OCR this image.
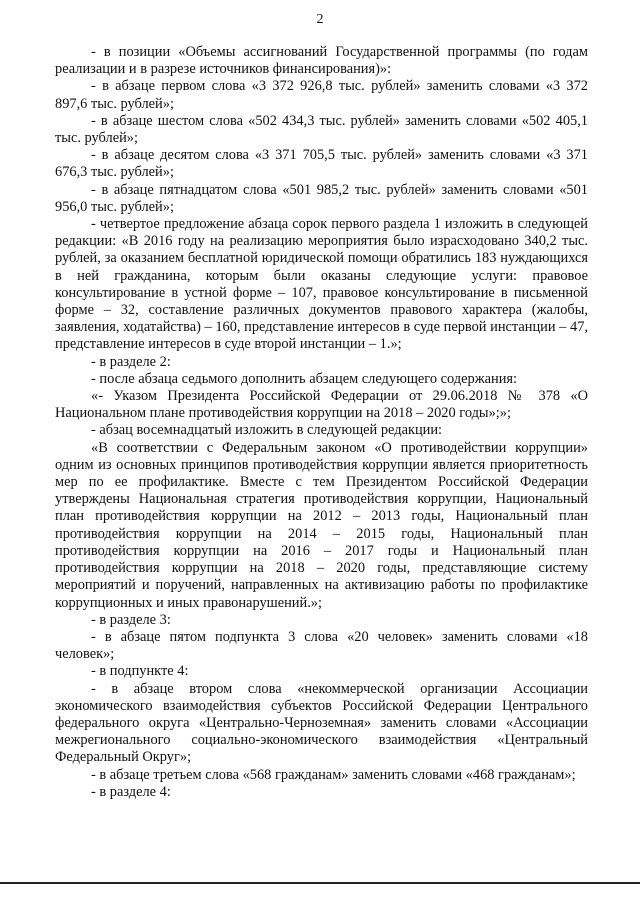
2

- в позиции «Объемы ассигнований Государственной программы (по годам реализации и в разрезе источников финансирования)»:

- в абзаце первом слова «3 372 926,8 тыс. рублей» заменить словами «3 372 897,6 тыс. рублей»;

- в абзаце шестом слова «502 434,3 тыс. рублей» заменить словами «502 405,1 тыс. рублей»;

- в абзаце десятом слова «3 371 705,5 тыс. рублей» заменить словами «3 371 676,3 тыс. рублей»;

- в абзаце пятнадцатом слова «501 985,2 тыс. рублей» заменить словами «501 956,0 тыс. рублей»;

- четвертое предложение абзаца сорок первого раздела 1 изложить в следующей редакции: «В 2016 году на реализацию мероприятия было израсходовано 340,2 тыс. рублей, за оказанием бесплатной юридической помощи обратились 183 нуждающихся в ней гражданина, которым были оказаны следующие услуги: правовое консультирование в устной форме – 107, правовое консультирование в письменной форме – 32, составление различных документов правового характера (жалобы, заявления, ходатайства) – 160, представление интересов в суде первой инстанции – 47, представление интересов в суде второй инстанции – 1.»;

- в разделе 2:

- после абзаца седьмого дополнить абзацем следующего содержания:

«- Указом Президента Российской Федерации от 29.06.2018 № 378 «О Национальном плане противодействия коррупции на 2018 – 2020 годы»;»;

- абзац восемнадцатый изложить в следующей редакции:

«В соответствии с Федеральным законом «О противодействии коррупции» одним из основных принципов противодействия коррупции является приоритетность мер по ее профилактике. Вместе с тем Президентом Российской Федерации утверждены Национальная стратегия противодействия коррупции, Национальный план противодействия коррупции на 2012 – 2013 годы, Национальный план противодействия коррупции на 2014 – 2015 годы, Национальный план противодействия коррупции на 2016 – 2017 годы и Национальный план противодействия коррупции на 2018 – 2020 годы, представляющие систему мероприятий и поручений, направленных на активизацию работы по профилактике коррупционных и иных правонарушений.»;

- в разделе 3:

- в абзаце пятом подпункта 3 слова «20 человек» заменить словами «18 человек»;

- в подпункте 4:

- в абзаце втором слова «некоммерческой организации Ассоциации экономического взаимодействия субъектов Российской Федерации Центрального федерального округа «Центрально-Черноземная» заменить словами «Ассоциации межрегионального социально-экономического взаимодействия «Центральный Федеральный Округ»;

- в абзаце третьем слова «568 гражданам» заменить словами «468 гражданам»;

- в разделе 4:
